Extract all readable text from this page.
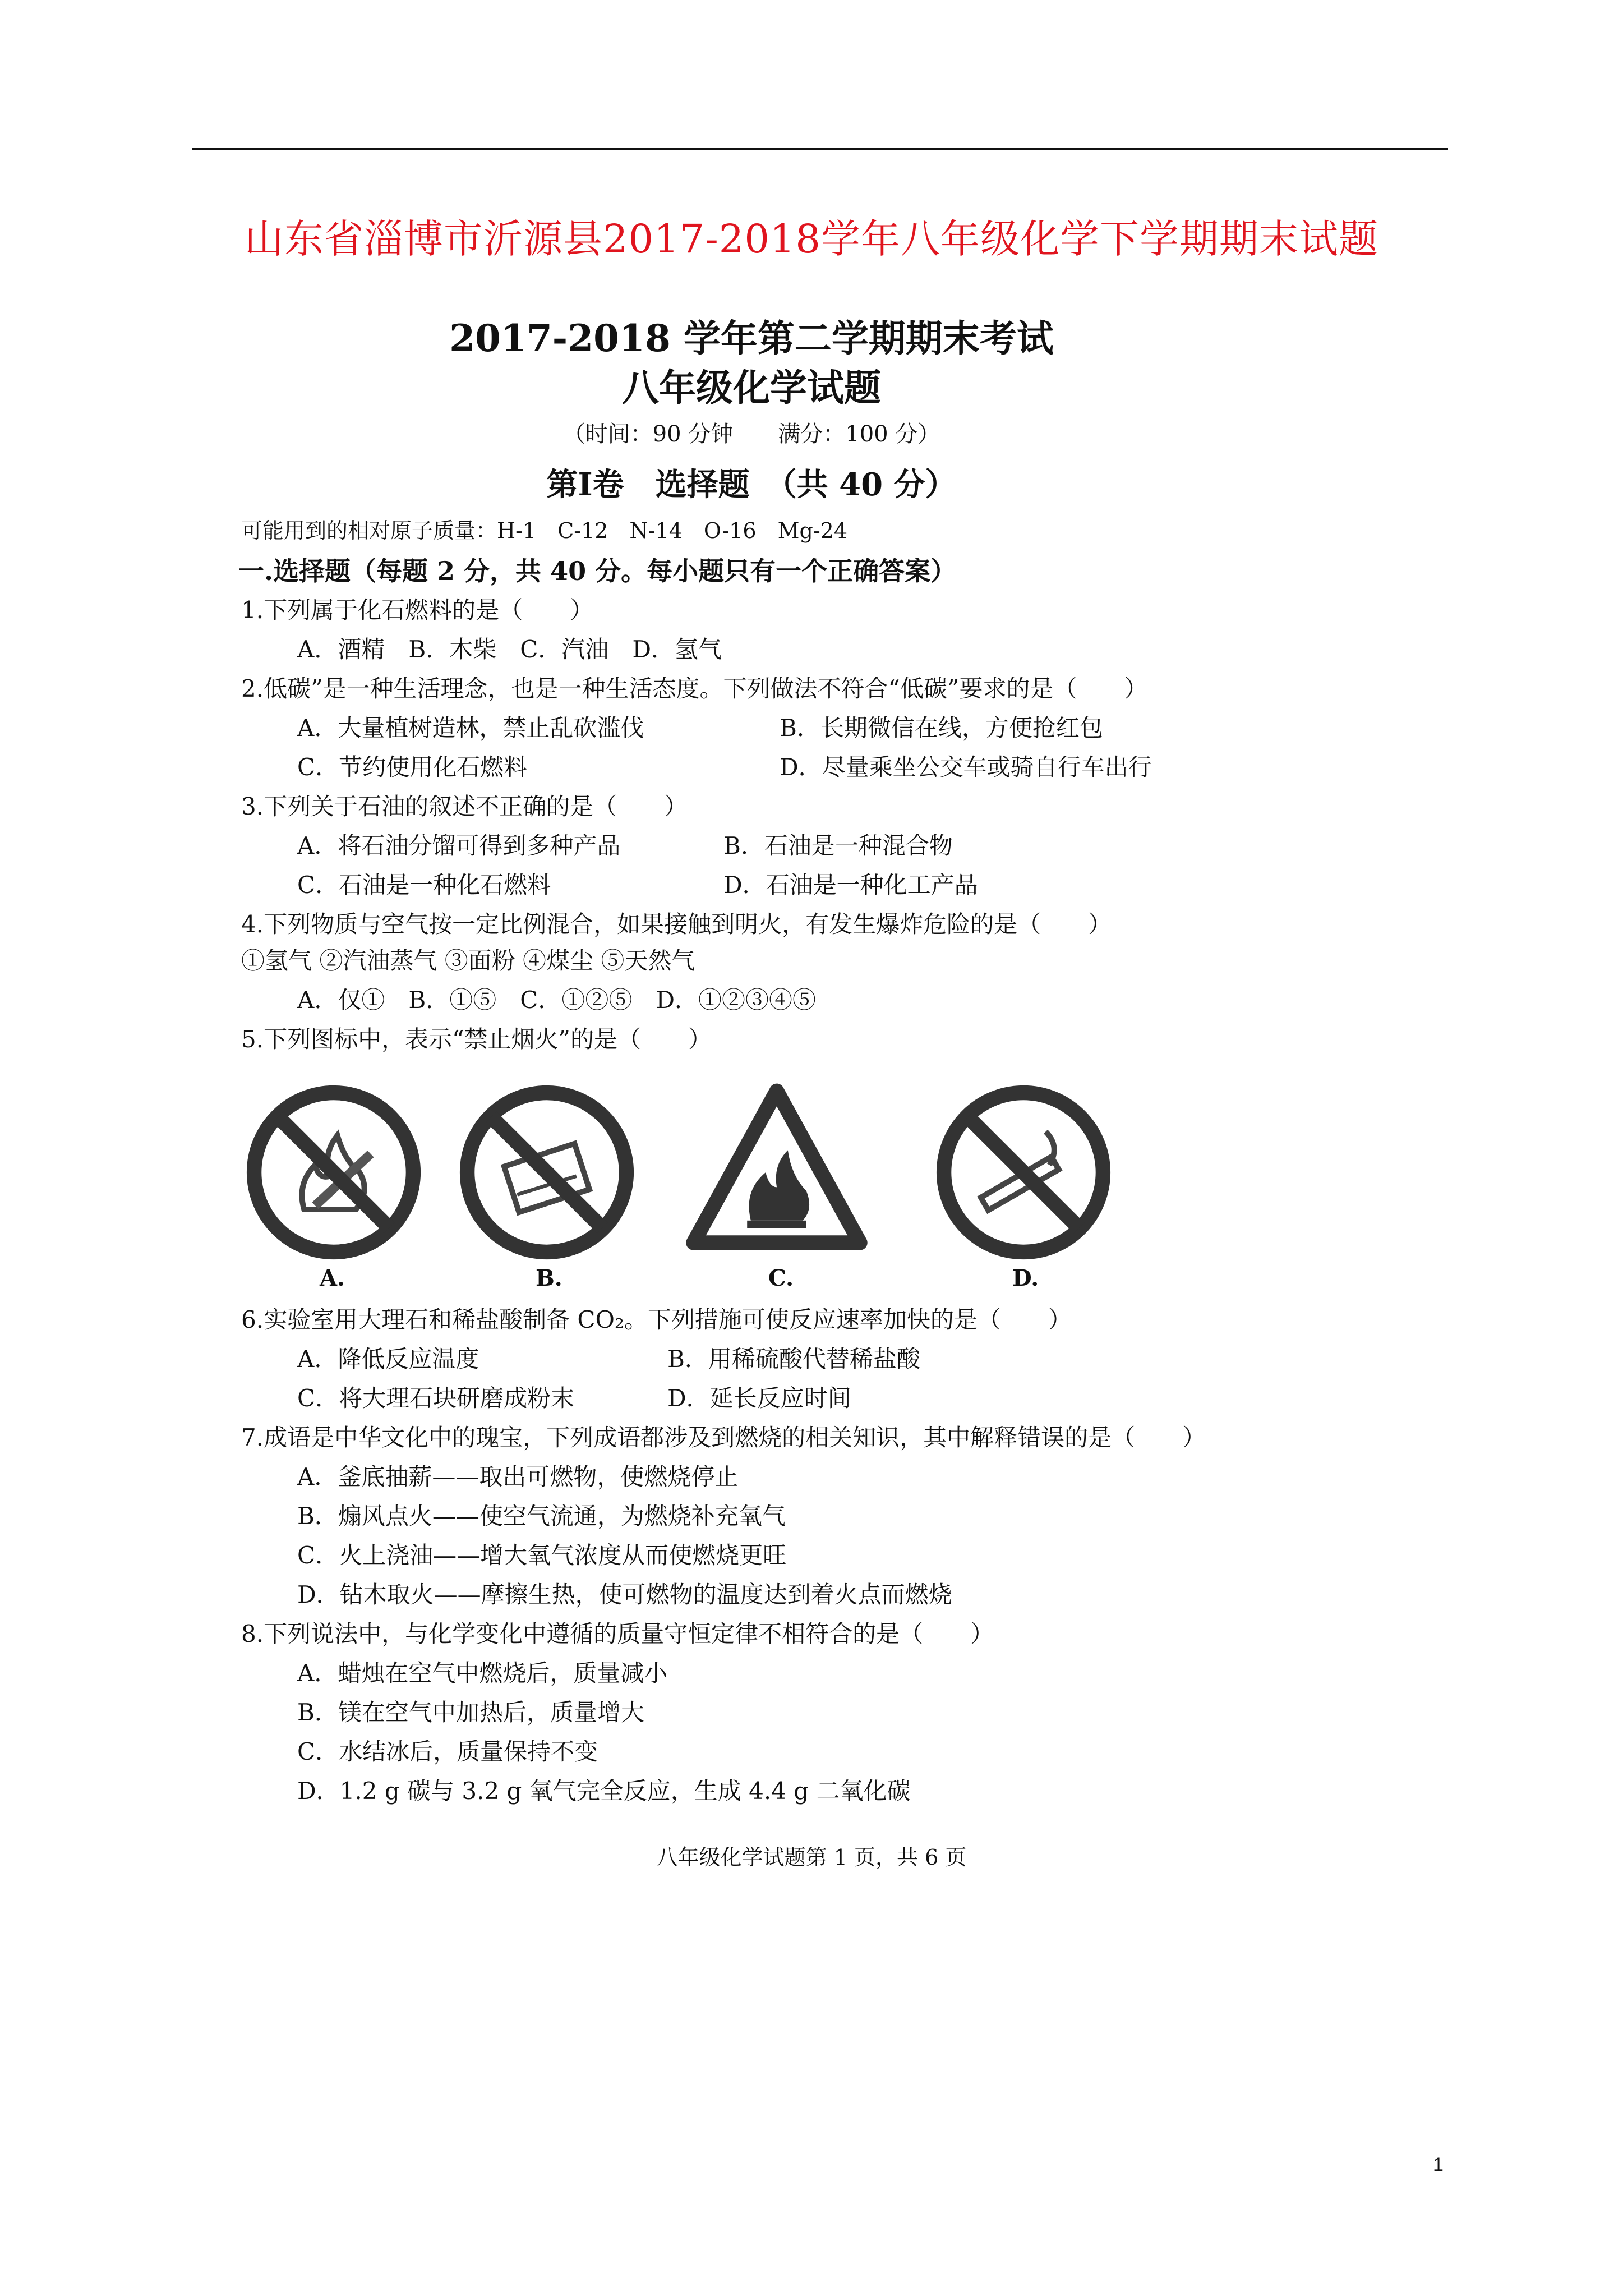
山东省淄博市沂源县2017-2018学年八年级化学下学期期末试题
2017-2018 学年第二学期期末考试
八年级化学试题
（时间：90 分钟　　满分：100 分）
第Ⅰ卷　选择题　（共 40 分）
可能用到的相对原子质量：H-1　C-12　N-14　O-16　Mg-24
一.选择题（每题 2 分，共 40 分。每小题只有一个正确答案）
1.下列属于化石燃料的是（　　）
A．酒精　B．木柴　C．汽油　D．氢气
2.低碳”是一种生活理念，也是一种生活态度。下列做法不符合“低碳”要求的是（　　）
A．大量植树造林，禁止乱砍滥伐	B．长期微信在线，方便抢红包
C．节约使用化石燃料	D．尽量乘坐公交车或骑自行车出行
3.下列关于石油的叙述不正确的是（　　）
A．将石油分馏可得到多种产品	B．石油是一种混合物
C．石油是一种化石燃料	D．石油是一种化工产品
4.下列物质与空气按一定比例混合，如果接触到明火，有发生爆炸危险的是（　　）
①氢气 ②汽油蒸气 ③面粉 ④煤尘 ⑤天然气
A．仅①　B．①⑤　C．①②⑤　D．①②③④⑤
5.下列图标中，表示“禁止烟火”的是（　　）
A.	B.	C.	D.
6.实验室用大理石和稀盐酸制备 CO₂。下列措施可使反应速率加快的是（　　）
A．降低反应温度	B．用稀硫酸代替稀盐酸
C．将大理石块研磨成粉末	D．延长反应时间
7.成语是中华文化中的瑰宝，下列成语都涉及到燃烧的相关知识，其中解释错误的是（　　）
A．釜底抽薪——取出可燃物，使燃烧停止
B．煽风点火——使空气流通，为燃烧补充氧气
C．火上浇油——增大氧气浓度从而使燃烧更旺
D．钻木取火——摩擦生热，使可燃物的温度达到着火点而燃烧
8.下列说法中，与化学变化中遵循的质量守恒定律不相符合的是（　　）
A．蜡烛在空气中燃烧后，质量减小
B．镁在空气中加热后，质量增大
C．水结冰后，质量保持不变
D．1.2 g 碳与 3.2 g 氧气完全反应，生成 4.4 g 二氧化碳
八年级化学试题第 1 页，共 6 页
1
